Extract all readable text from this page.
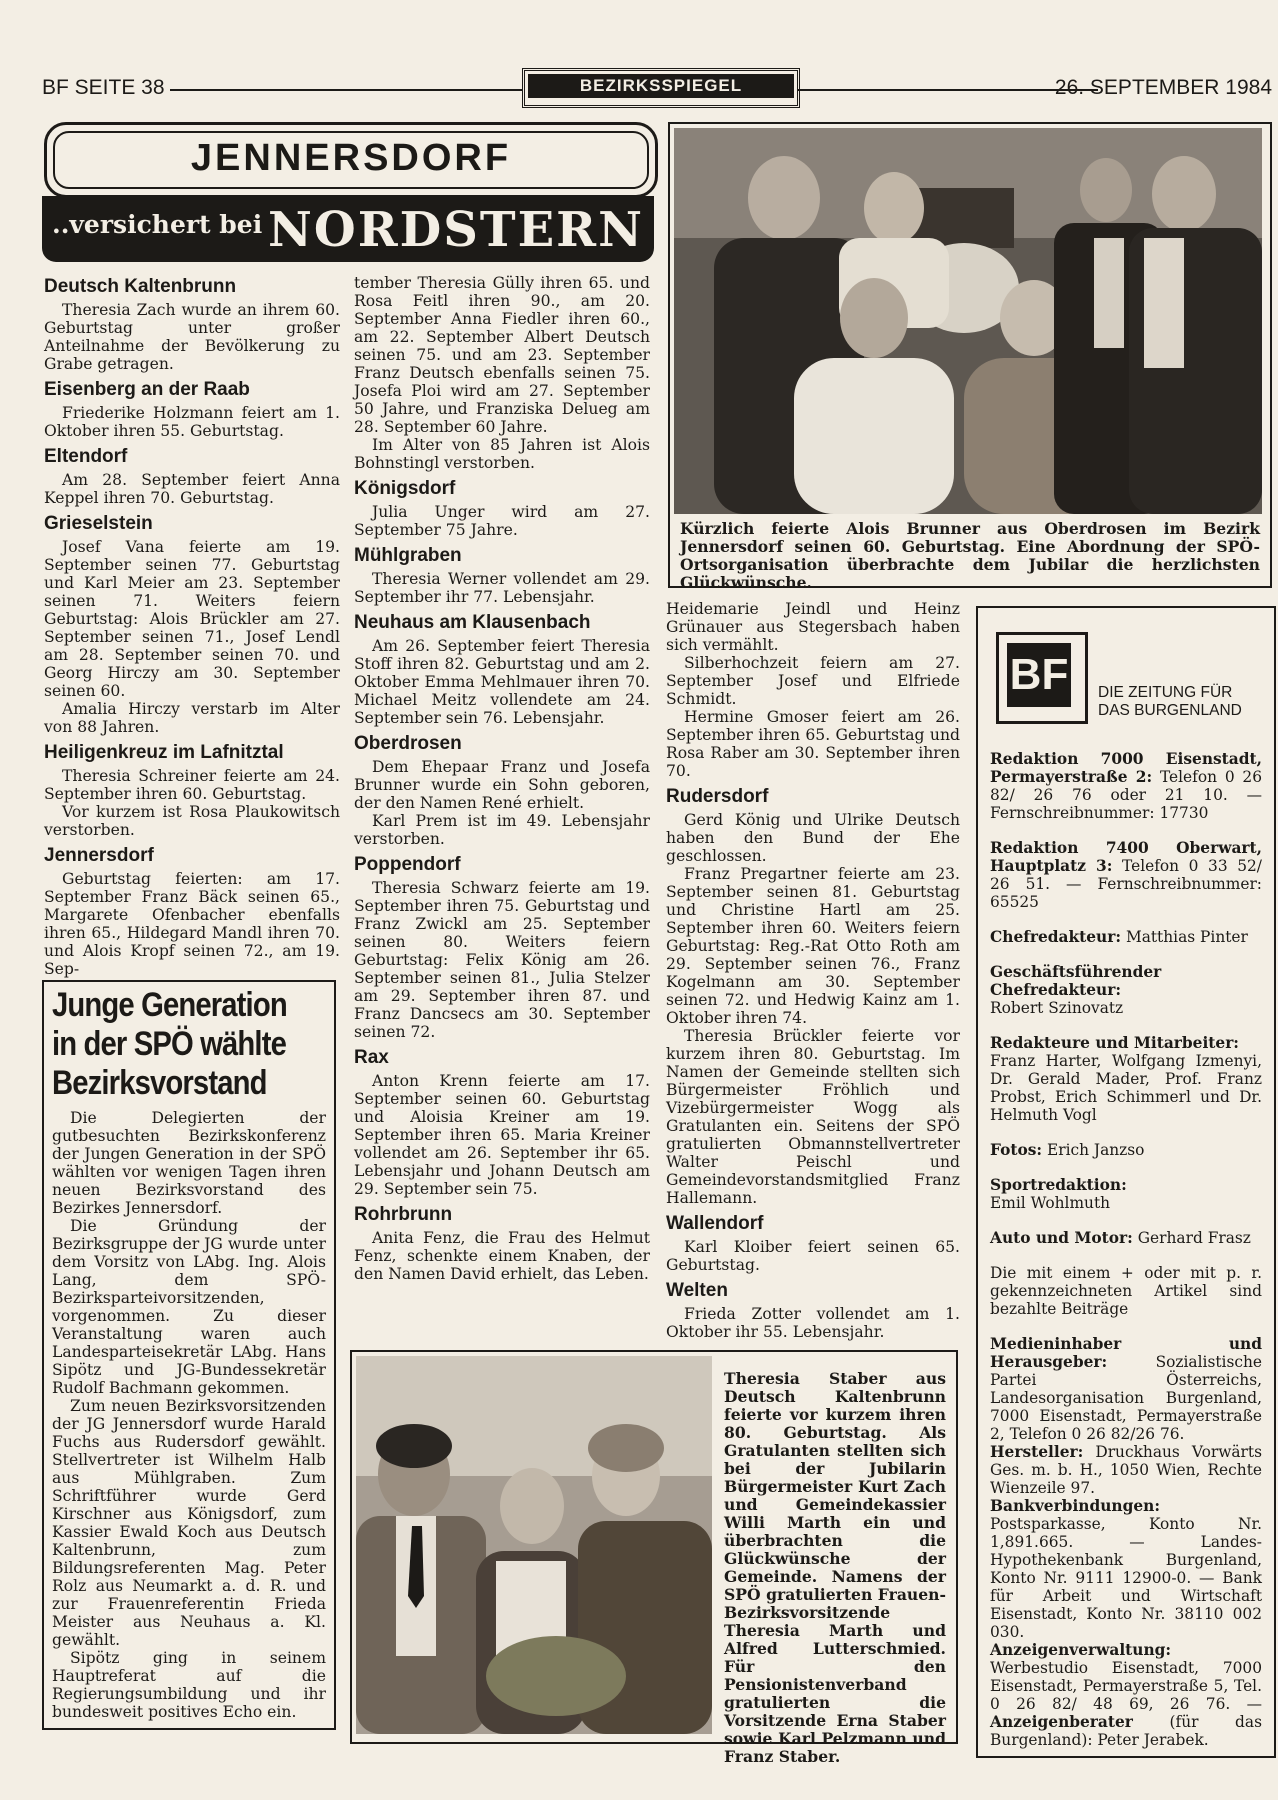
BF SEITE 38	BEZIRKSSPIEGEL	26. SEPTEMBER 1984
JENNERSDORF
..versichert bei NORDSTERN
Deutsch Kaltenbrunn

Theresia Zach wurde an ihrem 60. Geburtstag unter großer Anteilnahme der Bevölkerung zu Grabe getragen.

Eisenberg an der Raab

Friederike Holzmann feiert am 1. Oktober ihren 55. Geburtstag.

Eltendorf

Am 28. September feiert Anna Keppel ihren 70. Geburtstag.

Grieselstein

Josef Vana feierte am 19. September seinen 77. Geburtstag und Karl Meier am 23. September seinen 71. Weiters feiern Geburtstag: Alois Brückler am 27. September seinen 71., Josef Lendl am 28. September seinen 70. und Georg Hirczy am 30. September seinen 60.

Amalia Hirczy verstarb im Alter von 88 Jahren.

Heiligenkreuz im Lafnitztal

Theresia Schreiner feierte am 24. September ihren 60. Geburtstag.

Vor kurzem ist Rosa Plaukowitsch verstorben.

Jennersdorf

Geburtstag feierten: am 17. September Franz Bäck seinen 65., Margarete Ofenbacher ebenfalls ihren 65., Hildegard Mandl ihren 70. und Alois Kropf seinen 72., am 19. Sep-

Junge Generation in der SPÖ wählte Bezirksvorstand

Die Delegierten der gutbesuchten Bezirkskonferenz der Jungen Generation in der SPÖ wählten vor wenigen Tagen ihren neuen Bezirksvorstand des Bezirkes Jennersdorf.

Die Gründung der Bezirksgruppe der JG wurde unter dem Vorsitz von LAbg. Ing. Alois Lang, dem SPÖ-Bezirksparteivorsitzenden, vorgenommen. Zu dieser Veranstaltung waren auch Landesparteisekretär LAbg. Hans Sipötz und JG-Bundessekretär Rudolf Bachmann gekommen.

Zum neuen Bezirksvorsitzenden der JG Jennersdorf wurde Harald Fuchs aus Rudersdorf gewählt. Stellvertreter ist Wilhelm Halb aus Mühlgraben. Zum Schriftführer wurde Gerd Kirschner aus Königsdorf, zum Kassier Ewald Koch aus Deutsch Kaltenbrunn, zum Bildungsreferenten Mag. Peter Rolz aus Neumarkt a. d. R. und zur Frauenreferentin Frieda Meister aus Neuhaus a. Kl. gewählt.

Sipötz ging in seinem Hauptreferat auf die Regierungsumbildung und ihr bundesweit positives Echo ein.

tember Theresia Gülly ihren 65. und Rosa Feitl ihren 90., am 20. September Anna Fiedler ihren 60., am 22. September Albert Deutsch seinen 75. und am 23. September Franz Deutsch ebenfalls seinen 75. Josefa Ploi wird am 27. September 50 Jahre, und Franziska Delueg am 28. September 60 Jahre.

Im Alter von 85 Jahren ist Alois Bohnstingl verstorben.

Königsdorf

Julia Unger wird am 27. September 75 Jahre.

Mühlgraben

Theresia Werner vollendet am 29. September ihr 77. Lebensjahr.

Neuhaus am Klausenbach

Am 26. September feiert Theresia Stoff ihren 82. Geburtstag und am 2. Oktober Emma Mehlmauer ihren 70. Michael Meitz vollendete am 24. September sein 76. Lebensjahr.

Oberdrosen

Dem Ehepaar Franz und Josefa Brunner wurde ein Sohn geboren, der den Namen René erhielt.

Karl Prem ist im 49. Lebensjahr verstorben.

Poppendorf

Theresia Schwarz feierte am 19. September ihren 75. Geburtstag und Franz Zwickl am 25. September seinen 80. Weiters feiern Geburtstag: Felix König am 26. September seinen 81., Julia Stelzer am 29. September ihren 87. und Franz Dancsecs am 30. September seinen 72.

Rax

Anton Krenn feierte am 17. September seinen 60. Geburtstag und Aloisia Kreiner am 19. September ihren 65. Maria Kreiner vollendet am 26. September ihr 65. Lebensjahr und Johann Deutsch am 29. September sein 75.

Rohrbrunn

Anita Fenz, die Frau des Helmut Fenz, schenkte einem Knaben, der den Namen David erhielt, das Leben.

Kürzlich feierte Alois Brunner aus Oberdrosen im Bezirk Jennersdorf seinen 60. Geburtstag. Eine Abordnung der SPÖ-Ortsorganisation überbrachte dem Jubilar die herzlichsten Glückwünsche.

Heidemarie Jeindl und Heinz Grünauer aus Stegersbach haben sich vermählt.

Silberhochzeit feiern am 27. September Josef und Elfriede Schmidt.

Hermine Gmoser feiert am 26. September ihren 65. Geburtstag und Rosa Raber am 30. September ihren 70.

Rudersdorf

Gerd König und Ulrike Deutsch haben den Bund der Ehe geschlossen.

Franz Pregartner feierte am 23. September seinen 81. Geburtstag und Christine Hartl am 25. September ihren 60. Weiters feiern Geburtstag: Reg.-Rat Otto Roth am 29. September seinen 76., Franz Kogelmann am 30. September seinen 72. und Hedwig Kainz am 1. Oktober ihren 74.

Theresia Brückler feierte vor kurzem ihren 80. Geburtstag. Im Namen der Gemeinde stellten sich Bürgermeister Fröhlich und Vizebürgermeister Wogg als Gratulanten ein. Seitens der SPÖ gratulierten Obmannstellvertreter Walter Peischl und Gemeindevorstandsmitglied Franz Hallemann.

Wallendorf

Karl Kloiber feiert seinen 65. Geburtstag.

Welten

Frieda Zotter vollendet am 1. Oktober ihr 55. Lebensjahr.

Theresia Staber aus Deutsch Kaltenbrunn feierte vor kurzem ihren 80. Geburtstag. Als Gratulanten stellten sich bei der Jubilarin Bürgermeister Kurt Zach und Gemeindekassier Willi Marth ein und überbrachten die Glückwünsche der Gemeinde. Namens der SPÖ gratulierten Frauen-Bezirksvorsitzende Theresia Marth und Alfred Lutterschmied. Für den Pensionistenverband gratulierten die Vorsitzende Erna Staber sowie Karl Pelzmann und Franz Staber.
BF DIE ZEITUNG FÜR
DAS BURGENLAND

Redaktion 7000 Eisenstadt, Permayerstraße 2: Telefon 0 26 82/ 26 76 oder 21 10. — Fernschreibnummer: 17730

Redaktion 7400 Oberwart, Hauptplatz 3: Telefon 0 33 52/ 26 51. — Fernschreibnummer: 65525

Chefredakteur: Matthias Pinter

Geschäftsführender Chefredakteur:
Robert Szinovatz

Redakteure und Mitarbeiter:
Franz Harter, Wolfgang Izmenyi, Dr. Gerald Mader, Prof. Franz Probst, Erich Schimmerl und Dr. Helmuth Vogl

Fotos: Erich Janzso

Sportredaktion:
Emil Wohlmuth

Auto und Motor: Gerhard Frasz

Die mit einem + oder mit p. r. gekennzeichneten Artikel sind bezahlte Beiträge

Medieninhaber und Herausgeber:	Sozialistische Partei Österreichs, Landesorganisation Burgenland, 7000 Eisenstadt, Permayerstraße 2, Telefon 0 26 82/26 76.

Hersteller: Druckhaus Vorwärts Ges. m. b. H., 1050 Wien, Rechte Wienzeile 97.

Bankverbindungen: Postsparkasse, Konto Nr. 1,891.665. — Landes-Hypothekenbank Burgenland, Konto Nr. 9111 12900-0. — Bank für Arbeit und Wirtschaft Eisenstadt, Konto Nr. 38110 002 030.

Anzeigenverwaltung: Werbestudio Eisenstadt, 7000 Eisenstadt, Permayerstraße 5, Tel. 0 26 82/ 48 69, 26 76. — Anzeigenberater (für das Burgenland): Peter Jerabek.
